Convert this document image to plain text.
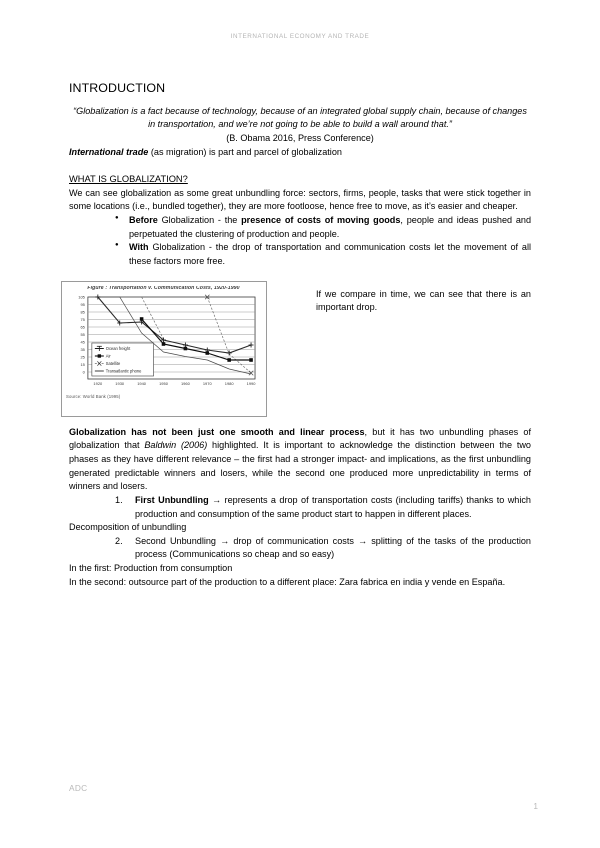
INTERNATIONAL ECONOMY AND TRADE
INTRODUCTION

“Globalization is a fact because of technology, because of an integrated global supply chain, because of changes in transportation, and we’re not going to be able to build a wall around that.”

(B. Obama 2016, Press Conference)

International trade (as migration) is part and parcel of globalization

WHAT IS GLOBALIZATION?

We can see globalization as some great unbundling force: sectors, firms, people, tasks that were stick together in some locations (i.e., bundled together), they are more footloose, hence free to move, as it’s easier and cheaper.

● Before Globalization - the presence of costs of moving goods, people and ideas pushed and perpetuated the clustering of production and people.
● With Globalization - the drop of transportation and communication costs let the movement of all these factors more free.
Figure : Transportation v. Communication Costs, 1920-1990
105
95
85
75
65
55
45
35
25
15
0
1920	1930	1940	1950	1960	1970	1980	1990
Ocean freight
Air
Satellite
Transatlantic phone
Source: World Bank (1995)
If we compare in time, we can see that there is an important drop.

Globalization has not been just one smooth and linear process, but it has two unbundling phases of globalization that Baldwin (2006) highlighted. It is important to acknowledge the distinction between the two phases as they have different relevance – the first had a stronger impact- and implications, as the first unbundling generated predictable winners and losers, while the second one produced more unpredictability in terms of winners and losers.

First Unbundling → represents a drop of transportation costs (including tariffs) thanks to which production and consumption of the same product start to happen in different places.

Decomposition of unbundling

Second Unbundling → drop of communication costs → splitting of the tasks of the production process (Communications so cheap and so easy)

In the first: Production from consumption

In the second: outsource part of the production to a different place: Zara fabrica en india y vende en España.

ADC
1
